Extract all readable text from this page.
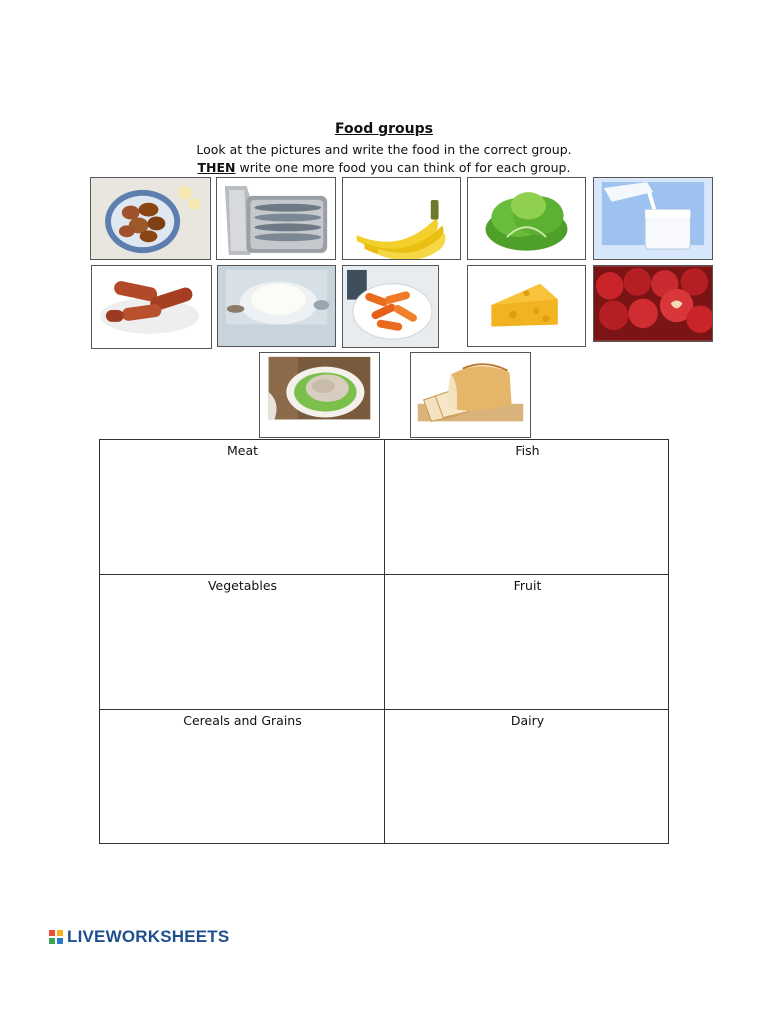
Food groups
Look at the pictures and write the food in the correct group.
THEN write one more food you can think of for each group.
Meat	Fish
Vegetables	Fruit
Cereals and Grains	Dairy
LIVEWORKSHEETS
